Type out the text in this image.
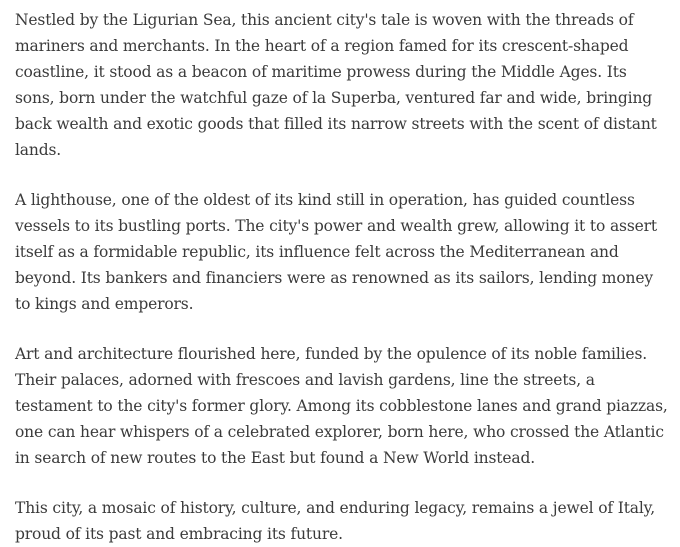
Nestled by the Ligurian Sea, this ancient city's tale is woven with the threads of mariners and merchants. In the heart of a region famed for its crescent-shaped coastline, it stood as a beacon of maritime prowess during the Middle Ages. Its sons, born under the watchful gaze of la Superba, ventured far and wide, bringing back wealth and exotic goods that filled its narrow streets with the scent of distant lands.

A lighthouse, one of the oldest of its kind still in operation, has guided countless vessels to its bustling ports. The city's power and wealth grew, allowing it to assert itself as a formidable republic, its influence felt across the Mediterranean and beyond. Its bankers and financiers were as renowned as its sailors, lending money to kings and emperors.

Art and architecture flourished here, funded by the opulence of its noble families. Their palaces, adorned with frescoes and lavish gardens, line the streets, a testament to the city's former glory. Among its cobblestone lanes and grand piazzas, one can hear whispers of a celebrated explorer, born here, who crossed the Atlantic in search of new routes to the East but found a New World instead.

This city, a mosaic of history, culture, and enduring legacy, remains a jewel of Italy, proud of its past and embracing its future.
